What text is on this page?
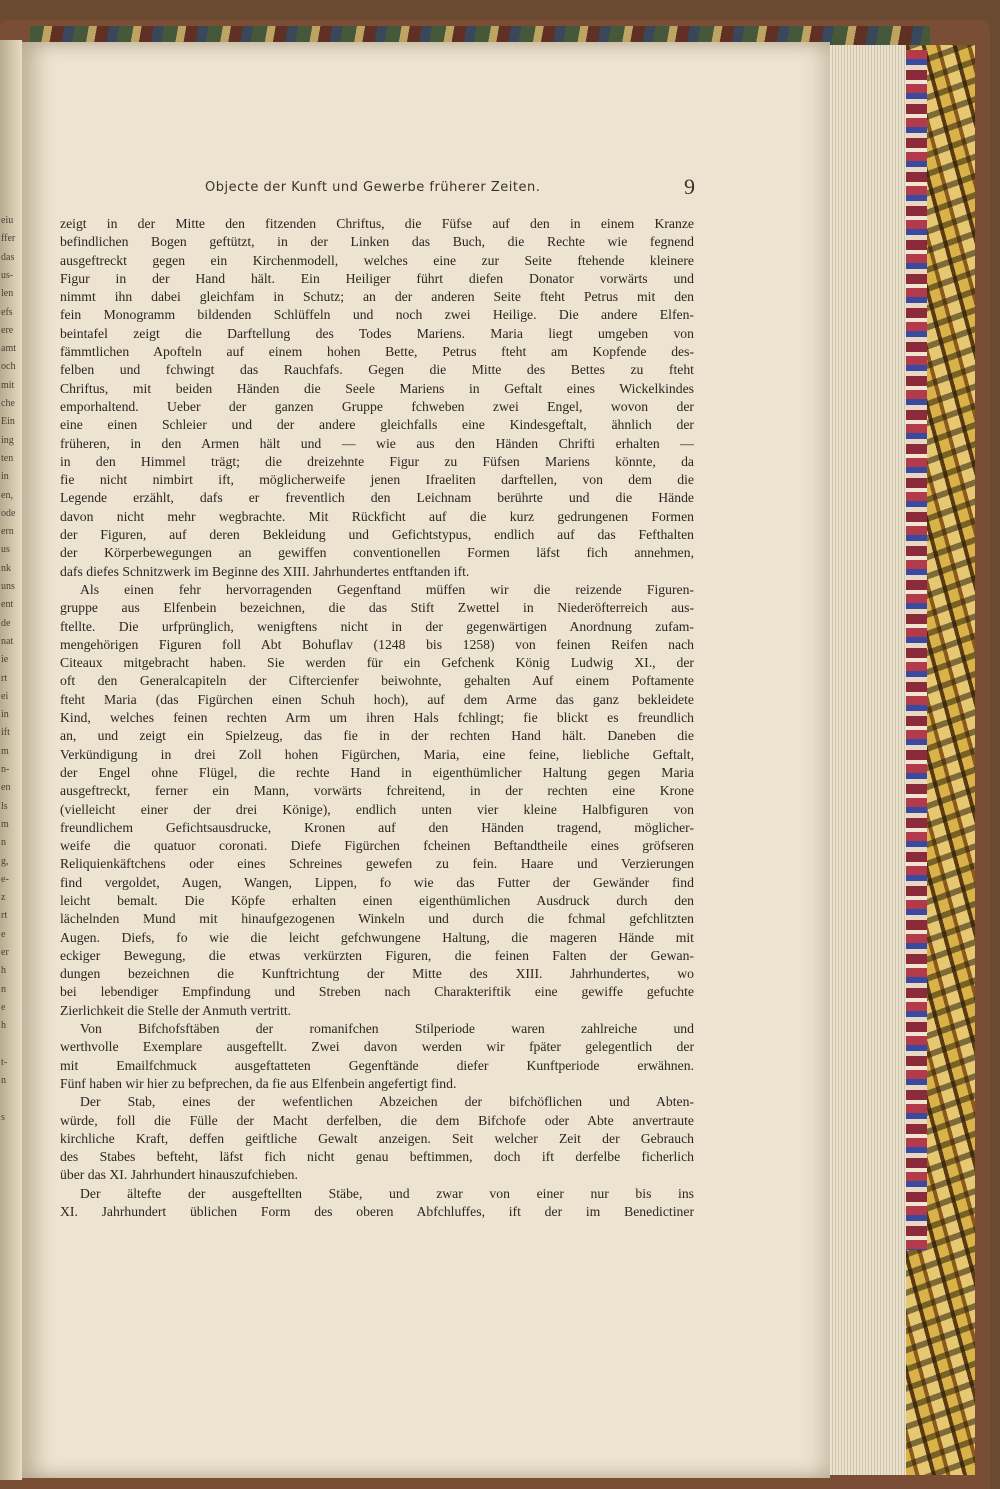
eiu
ffer
das
us-
len
efs
ere
amt
och
mit
che
Ein
ing
ten
in
en,
ode
ern
us
nk
uns
ent
de
nat
ie
rt
ei
in
ift
m
n-
en
ls
m
n
g,
e-
z
rt
e
er
h
n
e
h
t-
n
s
Objecte der Kunft und Gewerbe früherer Zeiten.	9
zeigt in der Mitte den fitzenden Chriftus, die Füfse auf den in einem Kranze
befindlichen Bogen geftützt, in der Linken das Buch, die Rechte wie fegnend
ausgeftreckt gegen ein Kirchenmodell, welches eine zur Seite ftehende kleinere
Figur in der Hand hält. Ein Heiliger führt diefen Donator vorwärts und
nimmt ihn dabei gleichfam in Schutz; an der anderen Seite fteht Petrus mit den
fein Monogramm bildenden Schlüffeln und noch zwei Heilige. Die andere Elfen-
beintafel zeigt die Darftellung des Todes Mariens. Maria liegt umgeben von
fämmtlichen Apofteln auf einem hohen Bette, Petrus fteht am Kopfende des-
felben und fchwingt das Rauchfafs. Gegen die Mitte des Bettes zu fteht
Chriftus, mit beiden Händen die Seele Mariens in Geftalt eines Wickelkindes
emporhaltend. Ueber der ganzen Gruppe fchweben zwei Engel, wovon der
eine einen Schleier und der andere gleichfalls eine Kindesgeftalt, ähnlich der
früheren, in den Armen hält und — wie aus den Händen Chrifti erhalten —
in den Himmel trägt; die dreizehnte Figur zu Füfsen Mariens könnte, da
fie nicht nimbirt ift, möglicherweife jenen Ifraeliten darftellen, von dem die
Legende erzählt, dafs er freventlich den Leichnam berührte und die Hände
davon nicht mehr wegbrachte. Mit Rückficht auf die kurz gedrungenen Formen
der Figuren, auf deren Bekleidung und Gefichtstypus, endlich auf das Fefthalten
der Körperbewegungen an gewiffen conventionellen Formen läfst fich annehmen,
dafs diefes Schnitzwerk im Beginne des XIII. Jahrhundertes entftanden ift.
Als einen fehr hervorragenden Gegenftand müffen wir die reizende Figuren-
gruppe aus Elfenbein bezeichnen, die das Stift Zwettel in Niederöfterreich aus-
ftellte. Die urfprünglich, wenigftens nicht in der gegenwärtigen Anordnung zufam-
mengehörigen Figuren foll Abt Bohuflav (1248 bis 1258) von feinen Reifen nach
Citeaux mitgebracht haben. Sie werden für ein Gefchenk König Ludwig XI., der
oft den Generalcapiteln der Ciftercienfer beiwohnte, gehalten Auf einem Poftamente
fteht Maria (das Figürchen einen Schuh hoch), auf dem Arme das ganz bekleidete
Kind, welches feinen rechten Arm um ihren Hals fchlingt; fie blickt es freundlich
an, und zeigt ein Spielzeug, das fie in der rechten Hand hält. Daneben die
Verkündigung in drei Zoll hohen Figürchen, Maria, eine feine, liebliche Geftalt,
der Engel ohne Flügel, die rechte Hand in eigenthümlicher Haltung gegen Maria
ausgeftreckt, ferner ein Mann, vorwärts fchreitend, in der rechten eine Krone
(vielleicht einer der drei Könige), endlich unten vier kleine Halbfiguren von
freundlichem Gefichtsausdrucke, Kronen auf den Händen tragend, möglicher-
weife die quatuor coronati. Diefe Figürchen fcheinen Beftandtheile eines gröfseren
Reliquienkäftchens oder eines Schreines gewefen zu fein. Haare und Verzierungen
find vergoldet, Augen, Wangen, Lippen, fo wie das Futter der Gewänder find
leicht bemalt. Die Köpfe erhalten einen eigenthümlichen Ausdruck durch den
lächelnden Mund mit hinaufgezogenen Winkeln und durch die fchmal gefchlitzten
Augen. Diefs, fo wie die leicht gefchwungene Haltung, die mageren Hände mit
eckiger Bewegung, die etwas verkürzten Figuren, die feinen Falten der Gewan-
dungen bezeichnen die Kunftrichtung der Mitte des XIII. Jahrhundertes, wo
bei lebendiger Empfindung und Streben nach Charakteriftik eine gewiffe gefuchte
Zierlichkeit die Stelle der Anmuth vertritt.
Von Bifchofsftäben der romanifchen Stilperiode waren zahlreiche und
werthvolle Exemplare ausgeftellt. Zwei davon werden wir fpäter gelegentlich der
mit Emailfchmuck ausgeftatteten Gegenftände diefer Kunftperiode erwähnen.
Fünf haben wir hier zu befprechen, da fie aus Elfenbein angefertigt find.
Der Stab, eines der wefentlichen Abzeichen der bifchöflichen und Abten-
würde, foll die Fülle der Macht derfelben, die dem Bifchofe oder Abte anvertraute
kirchliche Kraft, deffen geiftliche Gewalt anzeigen. Seit welcher Zeit der Gebrauch
des Stabes befteht, läfst fich nicht genau beftimmen, doch ift derfelbe ficherlich
über das XI. Jahrhundert hinauszufchieben.
Der ältefte der ausgeftellten Stäbe, und zwar von einer nur bis ins
XI. Jahrhundert üblichen Form des oberen Abfchluffes, ift der im Benedictiner
